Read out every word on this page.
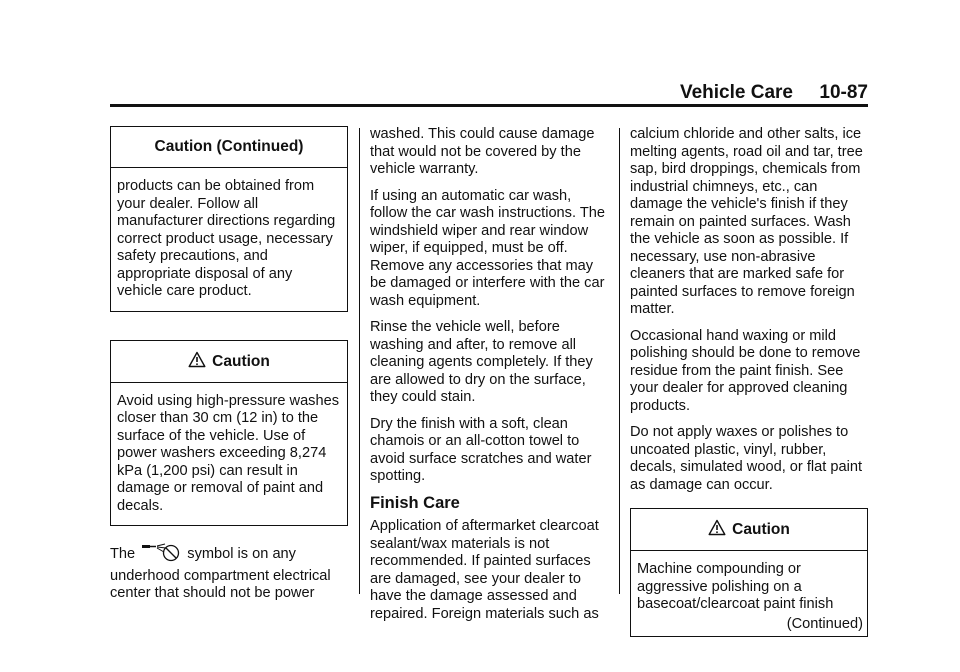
Vehicle Care 10-87
Caution (Continued)
products can be obtained from your dealer. Follow all manufacturer directions regarding correct product usage, necessary safety precautions, and appropriate disposal of any vehicle care product.
Caution
Avoid using high-pressure washes closer than 30 cm (12 in) to the surface of the vehicle. Use of power washers exceeding 8,274 kPa (1,200 psi) can result in damage or removal of paint and decals.

The	symbol is on any underhood compartment electrical center that should not be power

washed. This could cause damage that would not be covered by the vehicle warranty.

If using an automatic car wash, follow the car wash instructions. The windshield wiper and rear window wiper, if equipped, must be off. Remove any accessories that may be damaged or interfere with the car wash equipment.

Rinse the vehicle well, before washing and after, to remove all cleaning agents completely. If they are allowed to dry on the surface, they could stain.

Dry the finish with a soft, clean chamois or an all-cotton towel to avoid surface scratches and water spotting.

Finish Care

Application of aftermarket clearcoat sealant/wax materials is not recommended. If painted surfaces are damaged, see your dealer to have the damage assessed and repaired. Foreign materials such as

calcium chloride and other salts, ice melting agents, road oil and tar, tree sap, bird droppings, chemicals from industrial chimneys, etc., can damage the vehicle's finish if they remain on painted surfaces. Wash the vehicle as soon as possible. If necessary, use non-abrasive cleaners that are marked safe for painted surfaces to remove foreign matter.

Occasional hand waxing or mild polishing should be done to remove residue from the paint finish. See your dealer for approved cleaning products.

Do not apply waxes or polishes to uncoated plastic, vinyl, rubber, decals, simulated wood, or flat paint as damage can occur.

Caution
Machine compounding or aggressive polishing on a basecoat/clearcoat paint finish
(Continued)
